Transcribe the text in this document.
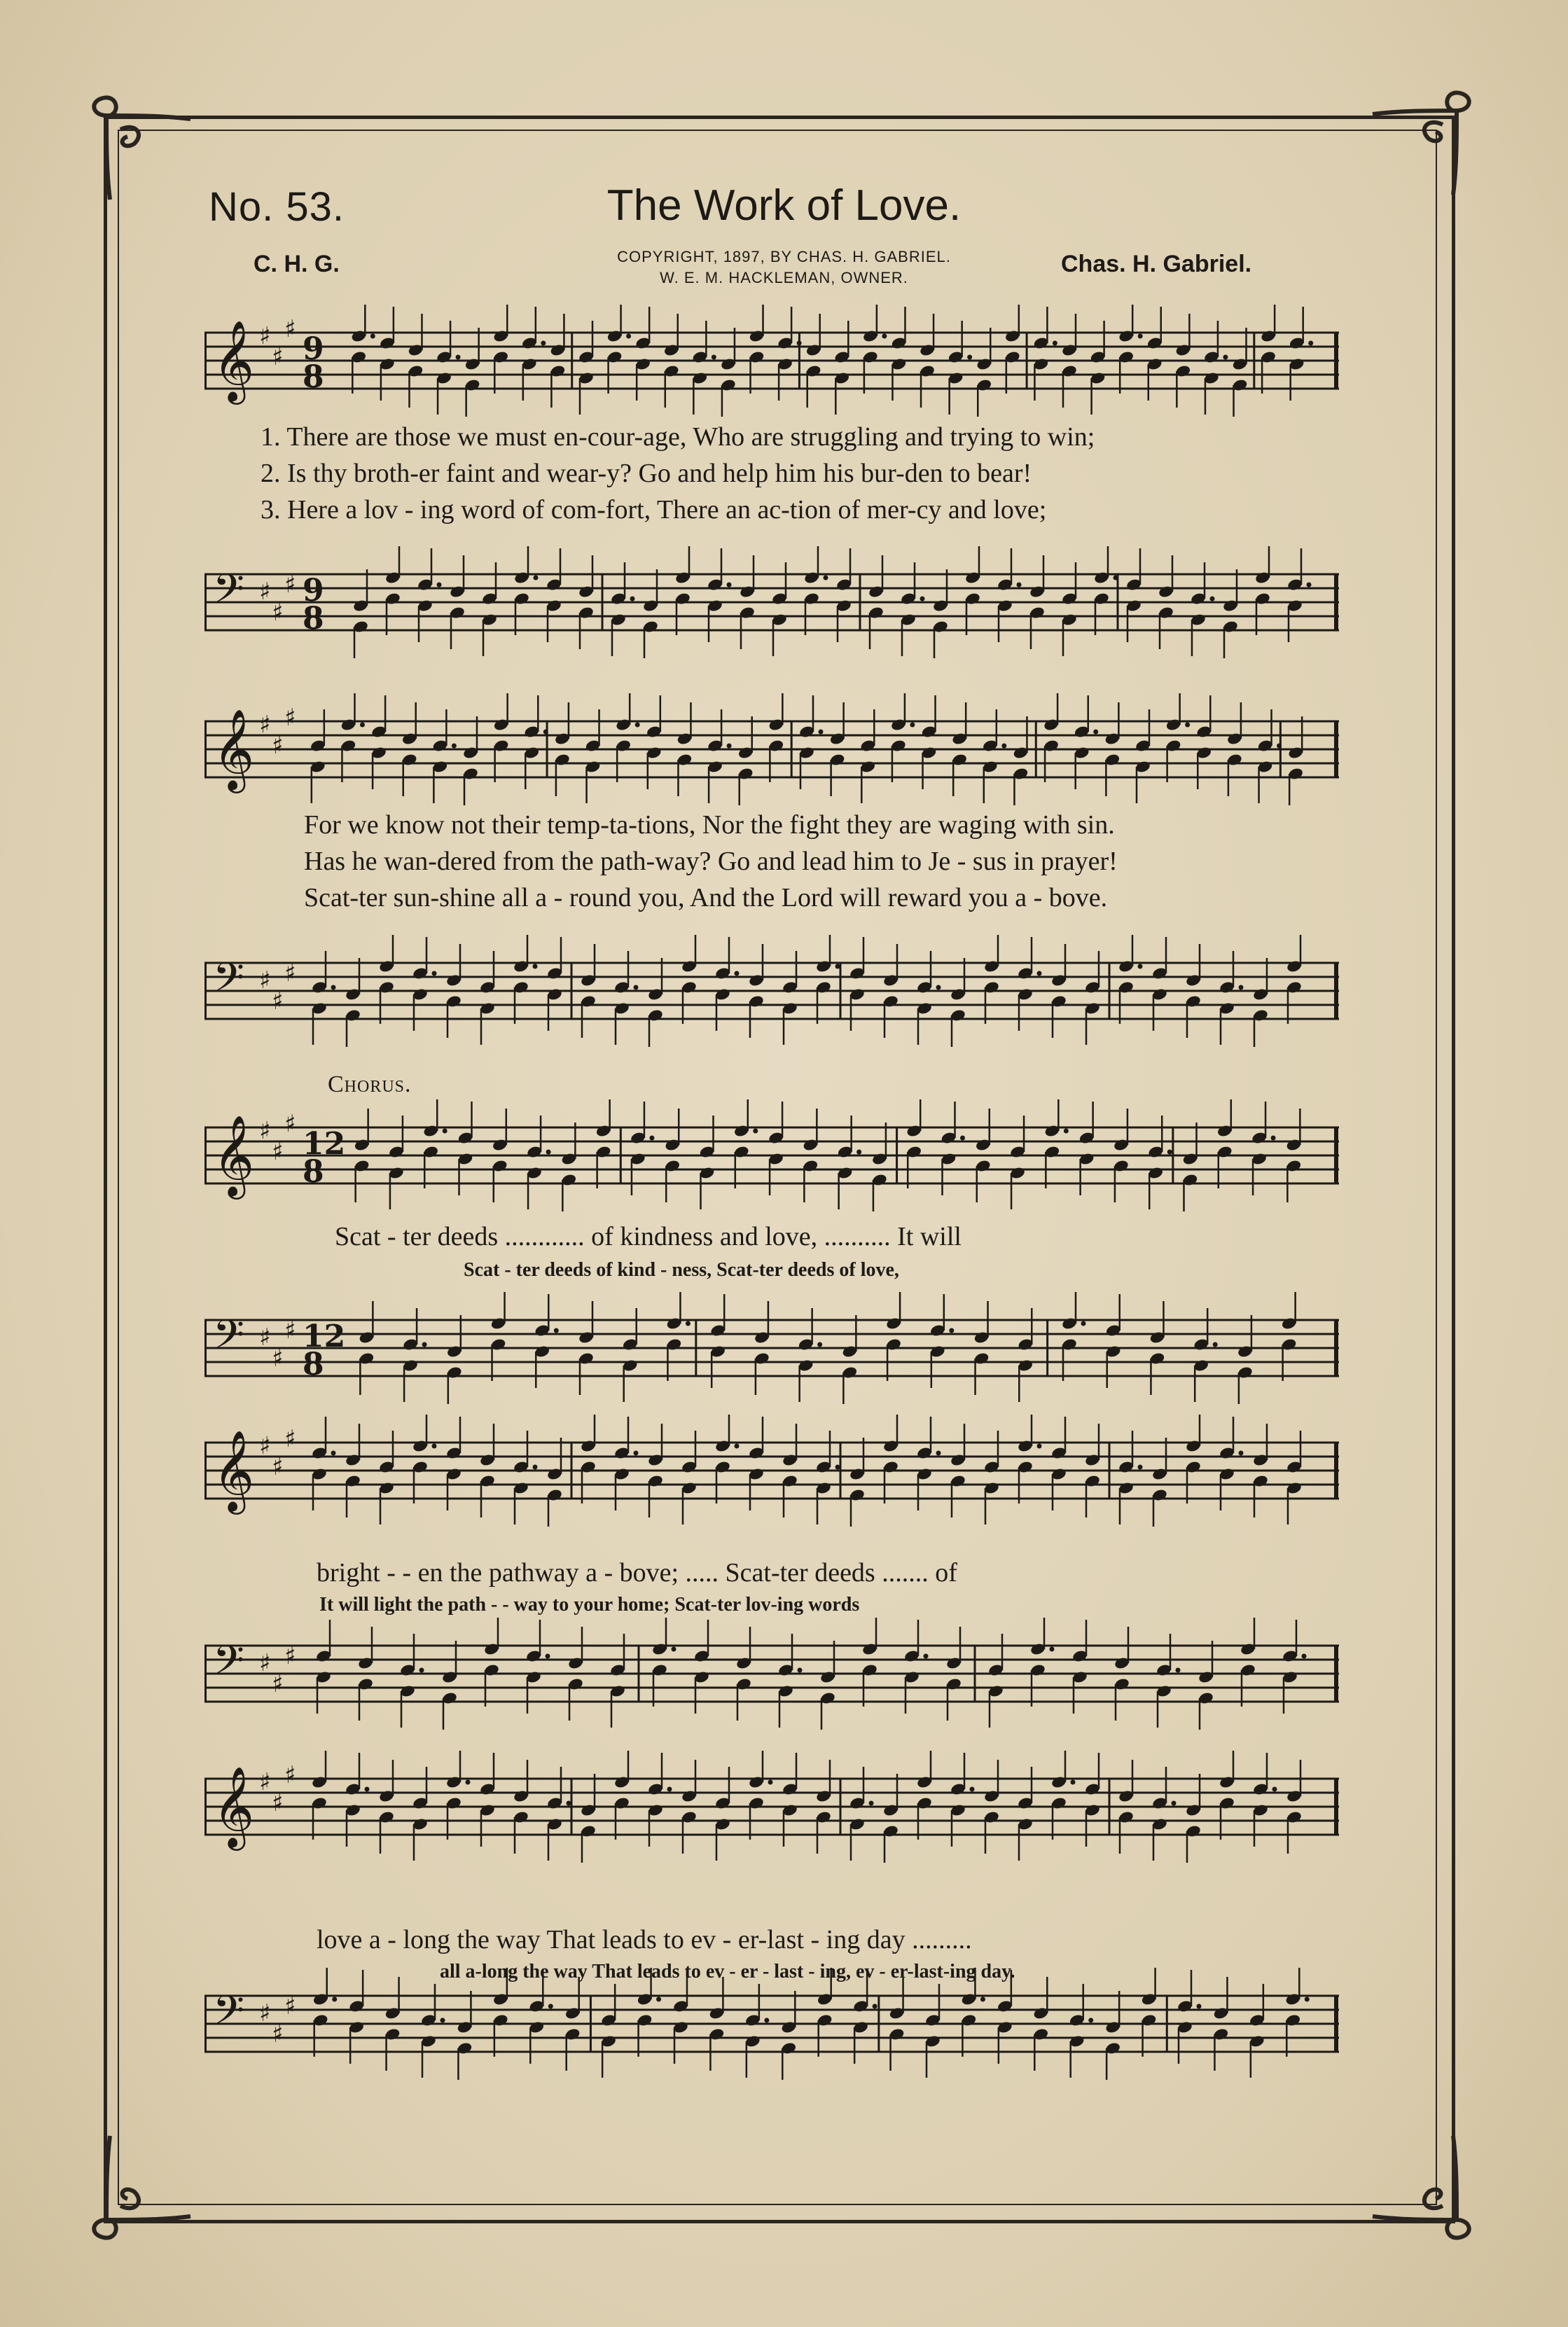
No. 53.	The Work of Love.
COPYRIGHT, 1897, BY CHAS. H. GABRIEL.
W. E. M. HACKLEMAN, OWNER.
C. H. G.	Chas. H. Gabriel.
𝄞 ♯
♯
♯
9
8
𝄢 ♯
♯
♯ 9
8
𝄞 ♯
♯
♯
𝄢 ♯
♯
♯
𝄞 ♯
♯
♯
12
8
𝄢 ♯
♯
♯ 12
8
𝄞 ♯
♯
♯
𝄢 ♯
♯
♯
𝄞 ♯
♯
♯
𝄢 ♯
♯
♯
1. There are those we must en-cour-age, Who are struggling and trying to win;
2. Is thy broth-er faint and wear-y? Go and help him his bur-den to bear!
3. Here a lov - ing word of com-fort, There an ac-tion of mer-cy and love;
For we know not their temp-ta-tions, Nor the fight they are waging with sin.
Has he wan-dered from the path-way? Go and lead him to Je - sus in prayer!
Scat-ter sun-shine all a - round you, And the Lord will reward you a - bove.
Chorus.
Scat - ter deeds ............ of kindness and love, .......... It will
Scat - ter deeds of kind - ness, Scat-ter deeds of love,
bright - - en the pathway a - bove; ..... Scat-ter deeds ....... of
It will light the path - - way to your home; Scat-ter lov-ing words
love a - long the way That leads to ev - er-last - ing day .........
all a-long the way That leads to ev - er - last - ing, ev - er-last-ing day.
